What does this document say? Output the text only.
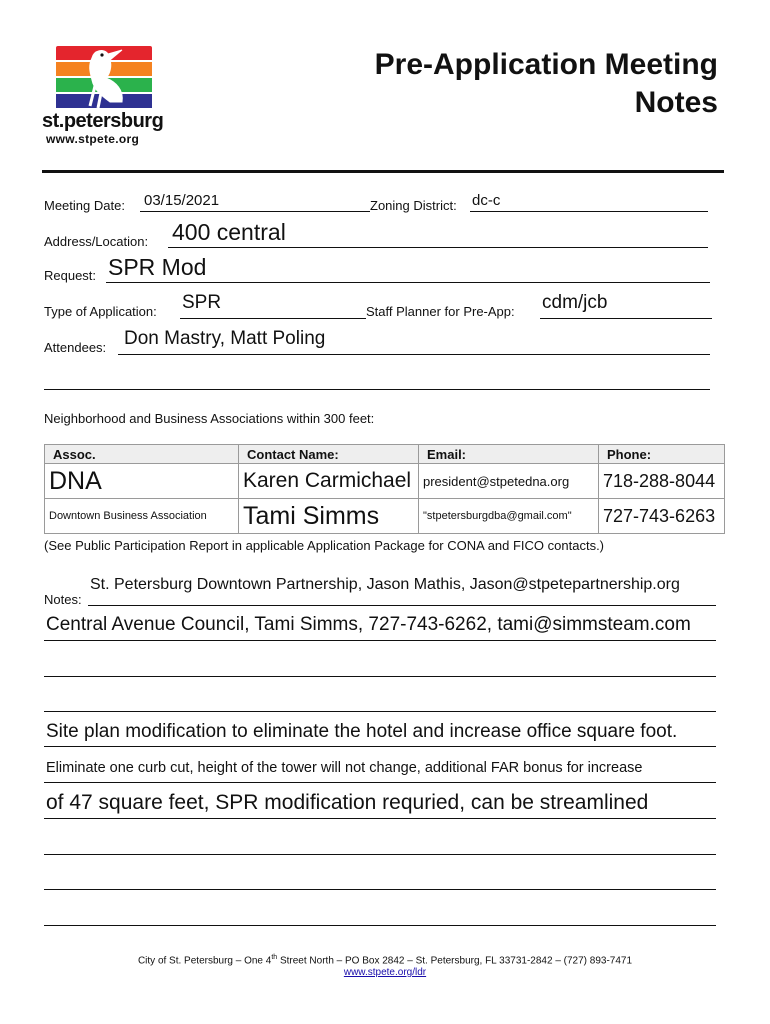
st.petersburg
www.stpete.org
Pre-Application Meeting
Notes
Meeting Date: 03/15/2021	Zoning District: dc-c
Address/Location: 400 central
Request: SPR Mod
Type of Application: SPR	Staff Planner for Pre-App: cdm/jcb
Attendees: Don Mastry, Matt Poling
Neighborhood and Business Associations within 300 feet:
Assoc.	Contact Name:	Email:	Phone:
DNA	Karen Carmichael	president@stpetedna.org	718-288-8044
Downtown Business Association	Tami Simms	"stpetersburgdba@gmail.com"	727-743-6263
(See Public Participation Report in applicable Application Package for CONA and FICO contacts.)
Notes:
St. Petersburg Downtown Partnership, Jason Mathis, Jason@stpetepartnership.org
Central Avenue Council, Tami Simms, 727-743-6262, tami@simmsteam.com
Site plan modification to eliminate the hotel and increase office square foot.
Eliminate one curb cut, height of the tower will not change, additional FAR bonus for increase
of 47 square feet, SPR modification requried, can be streamlined
City of St. Petersburg – One 4th Street North – PO Box 2842 – St. Petersburg, FL 33731-2842 – (727) 893-7471
www.stpete.org/ldr
